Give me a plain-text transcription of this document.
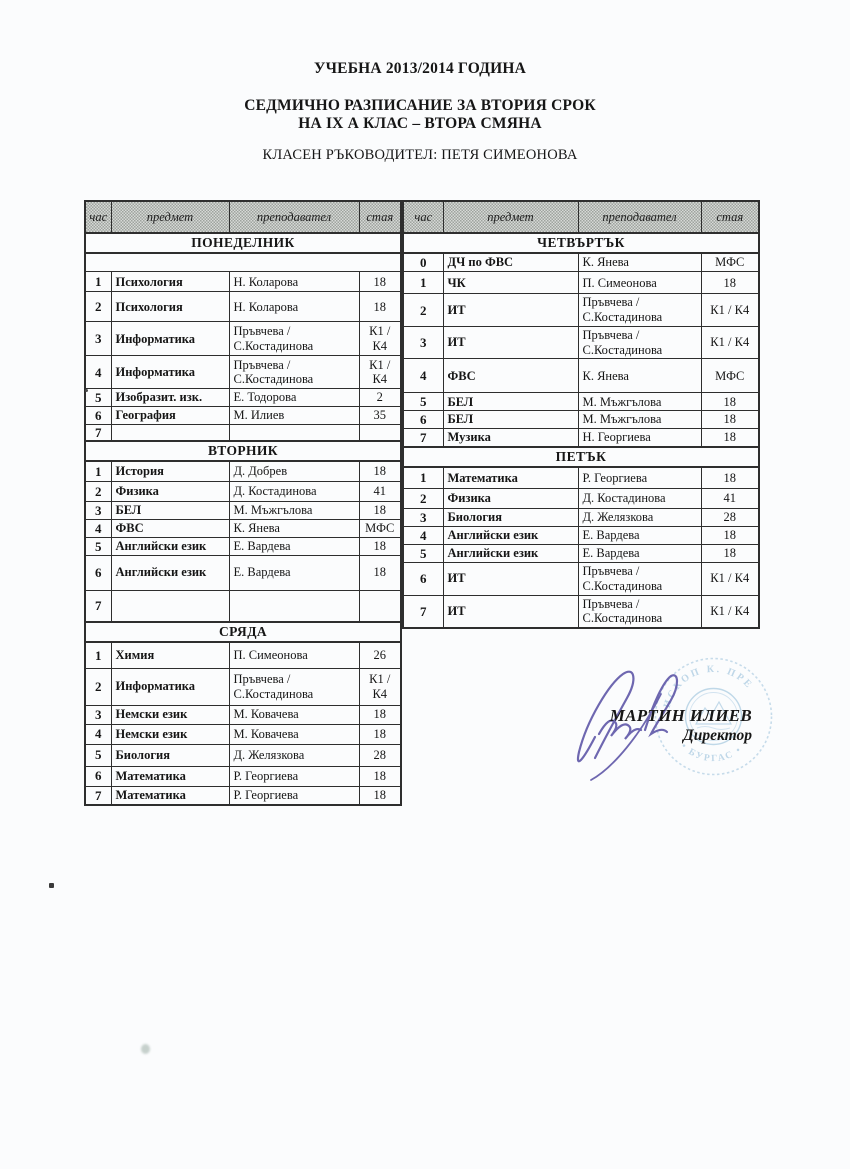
УЧЕБНА 2013/2014 ГОДИНА
СЕДМИЧНО РАЗПИСАНИЕ ЗА ВТОРИЯ СРОК
НА IX А КЛАС – ВТОРА СМЯНА
КЛАСЕН РЪКОВОДИТЕЛ: ПЕТЯ СИМЕОНОВА
час	предмет	преподавател	стая
ПОНЕДЕЛНИК			

1	Психология	Н. Коларова	18
2	Психология	Н. Коларова	18
3	Информатика	Пръвчева / С.Костадинова	К1 / К4
4	Информатика	Пръвчева / С.Костадинова	К1 / К4
5	Изобразит. изк.	Е. Тодорова	2
6	География	М. Илиев	35
7			
ВТОРНИК			
1	История	Д. Добрев	18
2	Физика	Д. Костадинова	41
3	БЕЛ	М. Мъжгълова	18
4	ФВС	К. Янева	МФС
5	Английски език	Е. Вардева	18
6	Английски език	Е. Вардева	18
7			
СРЯДА			
1	Химия	П. Симеонова	26
2	Информатика	Пръвчева / С.Костадинова	К1 / К4
3	Немски език	М. Ковачева	18
4	Немски език	М. Ковачева	18
5	Биология	Д. Желязкова	28
6	Математика	Р. Георгиева	18
7	Математика	Р. Георгиева	18
час	предмет	преподавател	стая
ЧЕТВЪРТЪК			
0	ДЧ по ФВС	К. Янева	МФС
1	ЧК	П. Симеонова	18
2	ИТ	Пръвчева / С.Костадинова	К1 / К4
3	ИТ	Пръвчева / С.Костадинова	К1 / К4
4	ФВС	К. Янева	МФС
5	БЕЛ	М. Мъжгълова	18
6	БЕЛ	М. Мъжгълова	18
7	Музика	Н. Георгиева	18
ПЕТЪК			
1	Математика	Р. Георгиева	18
2	Физика	Д. Костадинова	41
3	Биология	Д. Желязкова	28
4	Английски език	Е. Вардева	18
5	Английски език	Е. Вардева	18
6	ИТ	Пръвчева / С.Костадинова	К1 / К4
7	ИТ	Пръвчева / С.Костадинова	К1 / К4
ИСКОП К. ПРЕ
• БУРГАС •
МАРТИН ИЛИЕВ
Директор
